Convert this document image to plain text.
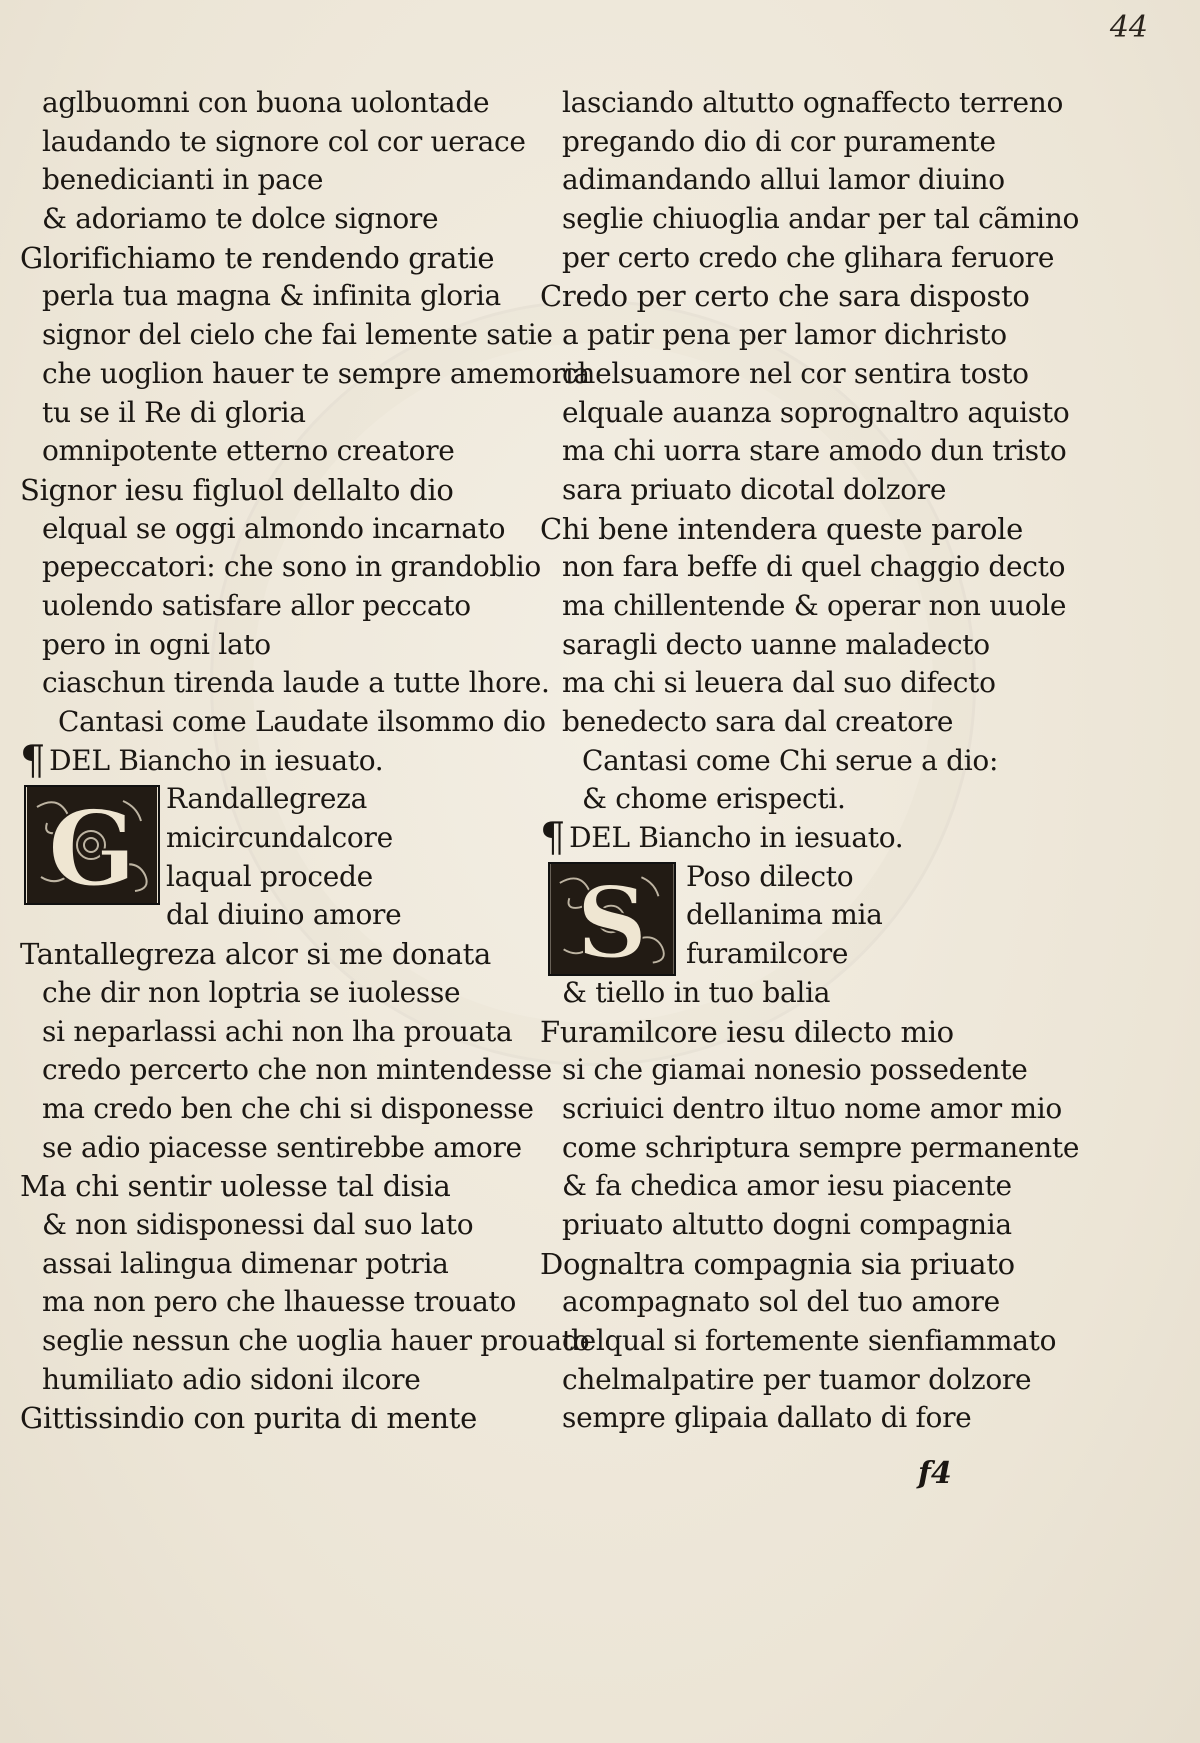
44
aglbuomni con buona uolontade
laudando te signore col cor uerace
benedicianti in pace
& adoriamo te dolce signore
Glorifichiamo te rendendo gratie
perla tua magna & infinita gloria
signor del cielo che fai lemente satie
che uoglion hauer te sempre amemoria
tu se il Re di gloria
omnipotente etterno creatore
Signor iesu figluol dellalto dio
elqual se oggi almondo incarnato
pepeccatori: che sono in grandoblio
uolendo satisfare allor peccato
pero in ogni lato
ciaschun tirenda laude a tutte lhore.
Cantasi come Laudate ilsommo dio
¶ DEL Biancho in iesuato.
Randallegreza
micircundalcore
laqual procede
dal diuino amore
Tantallegreza alcor si me donata
che dir non loptria se iuolesse
si neparlassi achi non lha prouata
credo percerto che non mintendesse
ma credo ben che chi si disponesse
se adio piacesse sentirebbe amore
Ma chi sentir uolesse tal disia
& non sidisponessi dal suo lato
assai lalingua dimenar potria
ma non pero che lhauesse trouato
seglie nessun che uoglia hauer prouato
humiliato adio sidoni ilcore
Gittissindio con purita di mente
G
lasciando altutto ognaffecto terreno
pregando dio di cor puramente
adimandando allui lamor diuino
seglie chiuoglia andar per tal cãmino
per certo credo che glihara feruore
Credo per certo che sara disposto
a patir pena per lamor dichristo
chelsuamore nel cor sentira tosto
elquale auanza soprognaltro aquisto
ma chi uorra stare amodo dun tristo
sara priuato dicotal dolzore
Chi bene intendera queste parole
non fara beffe di quel chaggio decto
ma chillentende & operar non uuole
saragli decto uanne maladecto
ma chi si leuera dal suo difecto
benedecto sara dal creatore
Cantasi come Chi serue a dio:
& chome erispecti.
¶ DEL Biancho in iesuato.
Poso dilecto
dellanima mia
furamilcore
& tiello in tuo balia
Furamilcore iesu dilecto mio
si che giamai nonesio possedente
scriuici dentro iltuo nome amor mio
come schriptura sempre permanente
& fa chedica amor iesu piacente
priuato altutto dogni compagnia
Dognaltra compagnia sia priuato
acompagnato sol del tuo amore
delqual si fortemente sienfiammato
chelmalpatire per tuamor dolzore
sempre glipaia dallato di fore
S
f4
